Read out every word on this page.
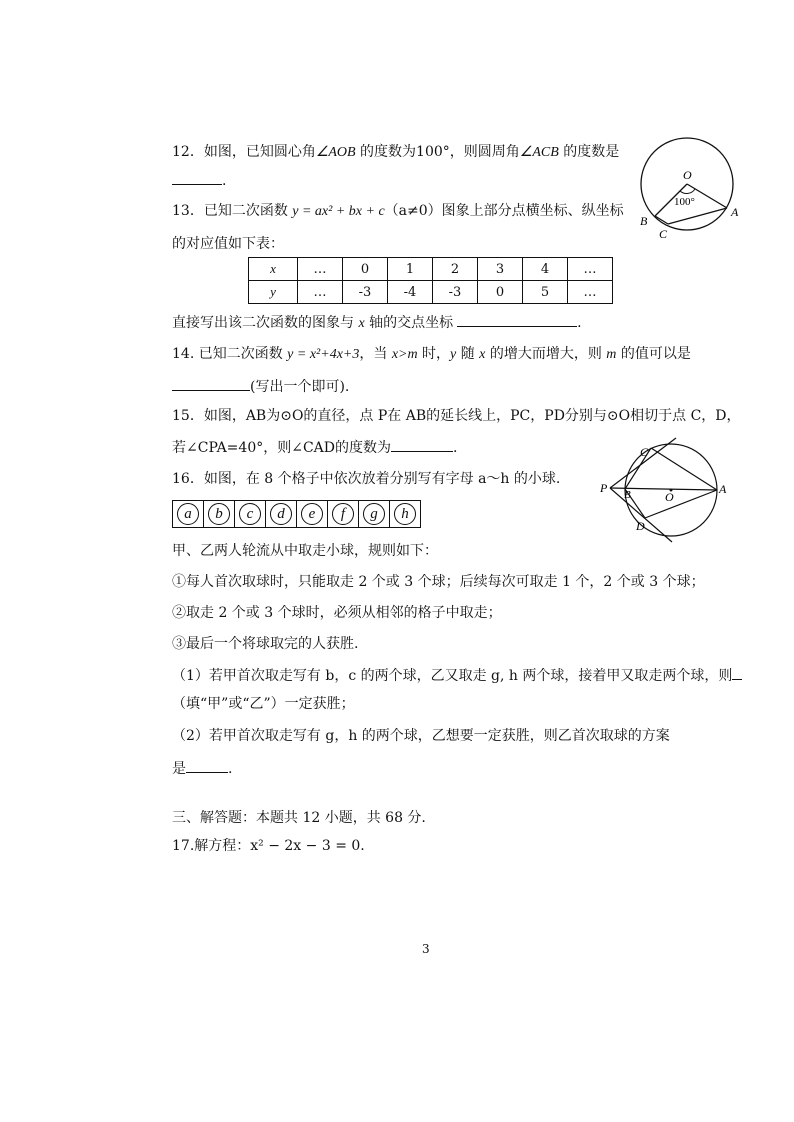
12．如图，已知圆心角∠AOB 的度数为100°，则圆周角∠ACB 的度数是
.	O
A
B
C
100°
13．已知二次函数 y = ax² + bx + c（a≠0）图象上部分点横坐标、纵坐标
的对应值如下表：
x	…	0	1	2	3	4	…
y	…	-3	-4	-3	0	5	…
直接写出该二次函数的图象与 x 轴的交点坐标	.
14. 已知二次函数 y = x²+4x+3，当 x>m 时，y 随 x 的增大而增大，则 m 的值可以是
(写出一个即可).
15．如图，AB为⊙O的直径，点 P在 AB的延长线上，PC，PD分别与⊙O相切于点 C，D，
若∠CPA=40°，则∠CAD的度数为	.
P B	O
A
C
D
16．如图，在 8 个格子中依次放着分别写有字母 a～h 的小球.
a	b	c	d	e	f	g	h
甲、乙两人轮流从中取走小球，规则如下：
①每人首次取球时，只能取走 2 个或 3 个球；后续每次可取走 1 个，2 个或 3 个球；
②取走 2 个或 3 个球时，必须从相邻的格子中取走；
③最后一个将球取完的人获胜.
（1）若甲首次取走写有 b，c 的两个球，乙又取走 g, h 两个球，接着甲又取走两个球，则
（填“甲”或“乙”）一定获胜；
（2）若甲首次取走写有 g，h 的两个球，乙想要一定获胜，则乙首次取球的方案
是	.
三、解答题：本题共 12 小题，共 68 分.
17.解方程：x² − 2x − 3 = 0.
3
